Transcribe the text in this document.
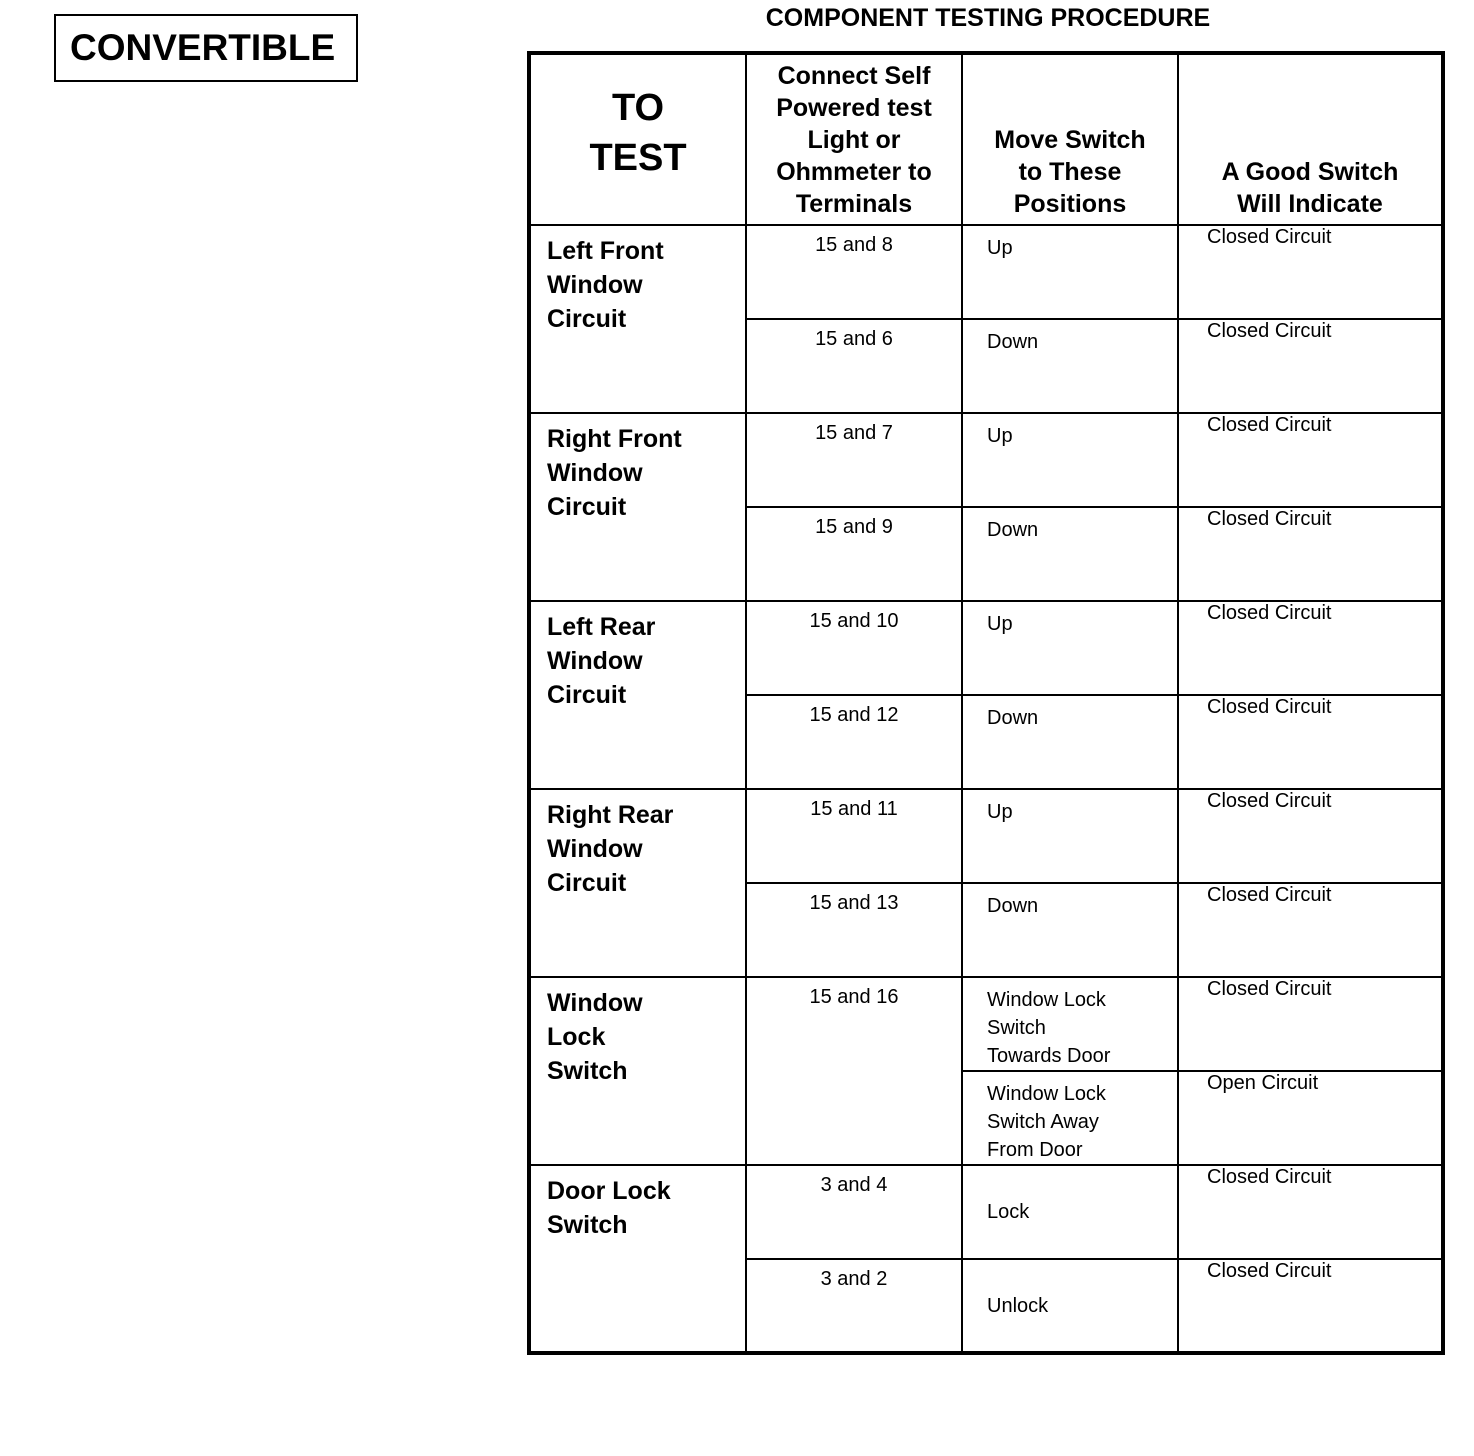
CONVERTIBLE
COMPONENT TESTING PROCEDURE
TO
TEST	Connect Self
Powered test
Light or
Ohmmeter to
Terminals	Move Switch
to These
Positions	A Good Switch
Will Indicate

Left Front
Window
Circuit	15 and 8	Up	Closed Circuit
	15 and 6	Down	Closed Circuit

Right Front
Window
Circuit	15 and 7	Up	Closed Circuit
	15 and 9	Down	Closed Circuit

Left Rear
Window
Circuit	15 and 10	Up	Closed Circuit
	15 and 12	Down	Closed Circuit

Right Rear
Window
Circuit	15 and 11	Up	Closed Circuit
	15 and 13	Down	Closed Circuit

Window
Lock
Switch	15 and 16	Window Lock
Switch
Towards Door	Closed Circuit

		Window Lock
Switch Away
From Door	Open Circuit

Door Lock
Switch	3 and 4	Lock	Closed Circuit
	3 and 2	Unlock	Closed Circuit
